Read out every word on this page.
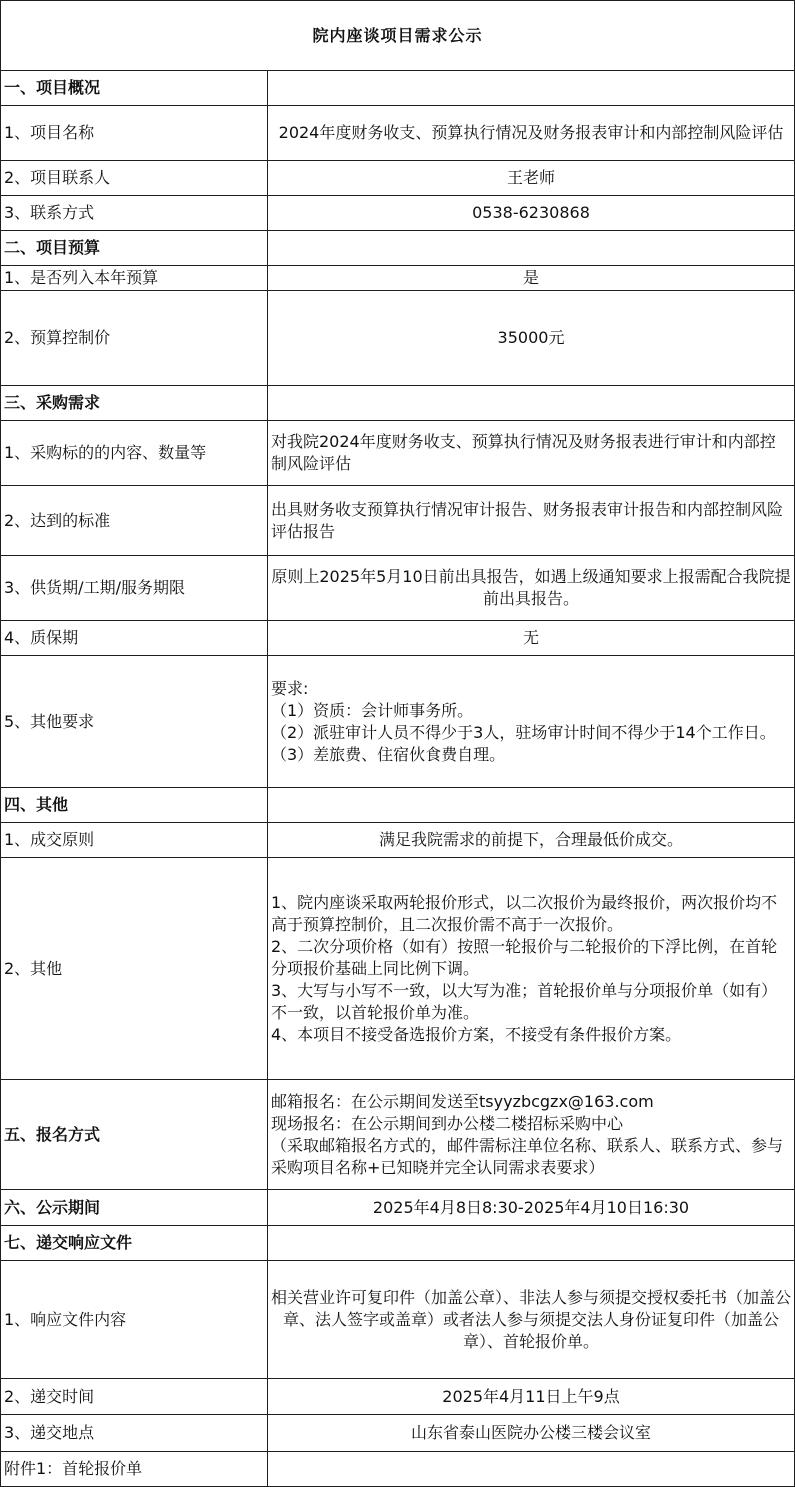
院内座谈项目需求公示	
一、项目概况	
1、项目名称	2024年度财务收支、预算执行情况及财务报表审计和内部控制风险评估
2、项目联系人	王老师
3、联系方式	0538-6230868
二、项目预算	
1、是否列入本年预算	是
2、预算控制价	35000元
三、采购需求	
1、采购标的的内容、数量等	对我院2024年度财务收支、预算执行情况及财务报表进行审计和内部控制风险评估
2、达到的标准	出具财务收支预算执行情况审计报告、财务报表审计报告和内部控制风险评估报告
3、供货期/工期/服务期限	原则上2025年5月10日前出具报告，如遇上级通知要求上报需配合我院提前出具报告。
4、质保期	无
5、其他要求	要求:
（1）资质：会计师事务所。
（2）派驻审计人员不得少于3人，驻场审计时间不得少于14个工作日。
（3）差旅费、住宿伙食费自理。

四、其他	
1、成交原则	满足我院需求的前提下，合理最低价成交。
2、其他	1、院内座谈采取两轮报价形式，以二次报价为最终报价，两次报价均不高于预算控制价，且二次报价需不高于一次报价。
2、二次分项价格（如有）按照一轮报价与二轮报价的下浮比例，在首轮分项报价基础上同比例下调。
3、大写与小写不一致，以大写为准；首轮报价单与分项报价单（如有）不一致，以首轮报价单为准。
4、本项目不接受备选报价方案，不接受有条件报价方案。

五、报名方式	邮箱报名：在公示期间发送至tsyyzbcgzx@163.com
现场报名：在公示期间到办公楼二楼招标采购中心
（采取邮箱报名方式的，邮件需标注单位名称、联系人、联系方式、参与采购项目名称+已知晓并完全认同需求表要求）

六、公示期间	2025年4月8日8:30-2025年4月10日16:30
七、递交响应文件	
1、响应文件内容	相关营业许可复印件（加盖公章）、非法人参与须提交授权委托书（加盖公章、法人签字或盖章）或者法人参与须提交法人身份证复印件（加盖公章）、首轮报价单。
2、递交时间	2025年4月11日上午9点
3、递交地点	山东省泰山医院办公楼三楼会议室
附件1：首轮报价单	
